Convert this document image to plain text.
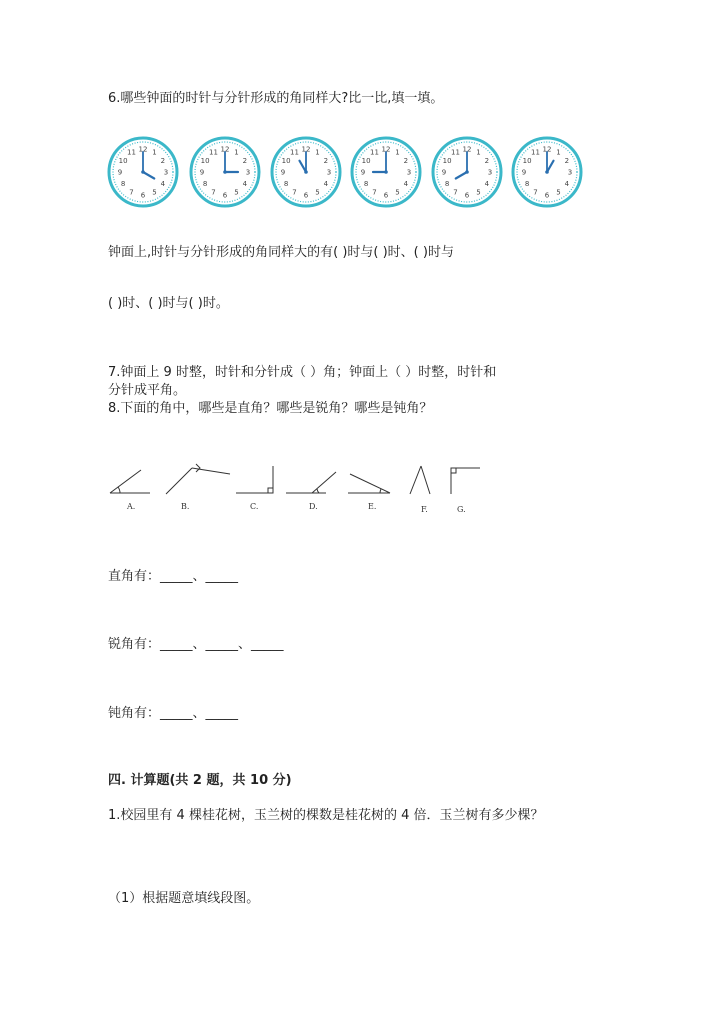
6.哪些钟面的时针与分针形成的角同样大?比一比,填一填。
1
2
3
4
5
6
7
8
9
10
11 12	1
2
3
4
5
6
7
8
9
10
11 12	1
2
3
4
5
6
7
8
9
10
11 12	1
2
3
4
5
6
7
8
9
10
11 12	1
2
3
4
5
6
7
8
9
10
11 12	1
2
3
4
5
6
7
8
9
10
11 12
钟面上,时针与分针形成的角同样大的有( )时与( )时、( )时与
( )时、( )时与( )时。
7.钟面上 9 时整，时针和分针成（ ）角；钟面上（ ）时整，时针和
分针成平角。
8.下面的角中，哪些是直角？哪些是锐角？哪些是钝角？
A.	B.	C.	D.	E.	F.	G.
直角有：_____、_____
锐角有：_____、_____、_____
钝角有：_____、_____
四. 计算题(共 2 题，共 10 分)
1.校园里有 4 棵桂花树，玉兰树的棵数是桂花树的 4 倍．玉兰树有多少棵？
（1）根据题意填线段图。
